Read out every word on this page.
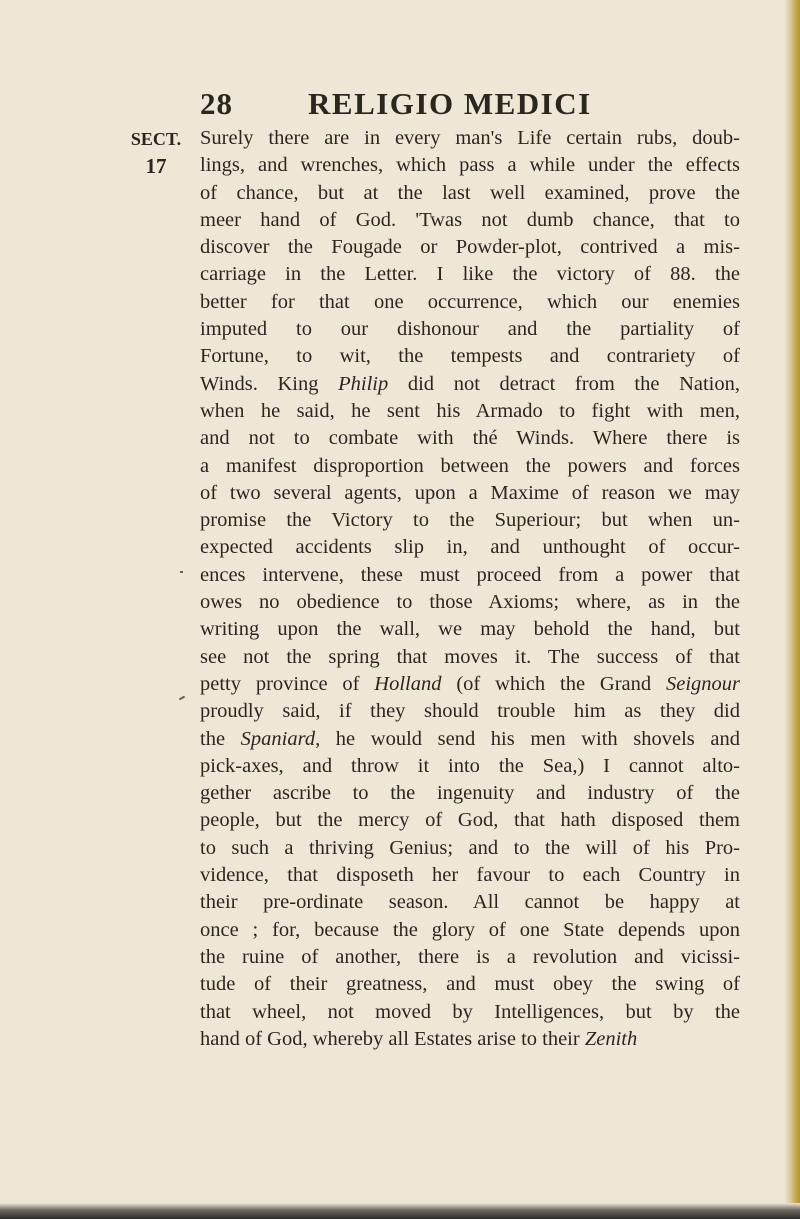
28 RELIGIO MEDICI
SECT.
17
Surely there are in every man's Life certain rubs, doub-
lings, and wrenches, which pass a while under the effects
of chance, but at the last well examined, prove the
meer hand of God. 'Twas not dumb chance, that to
discover the Fougade or Powder-plot, contrived a mis-
carriage in the Letter. I like the victory of 88. the
better for that one occurrence, which our enemies
imputed to our dishonour and the partiality of
Fortune, to wit, the tempests and contrariety of
Winds. King Philip did not detract from the Nation,
when he said, he sent his Armado to fight with men,
and not to combate with thé Winds. Where there is
a manifest disproportion between the powers and forces
of two several agents, upon a Maxime of reason we may
promise the Victory to the Superiour; but when un-
expected accidents slip in, and unthought of occur-
ences intervene, these must proceed from a power that
owes no obedience to those Axioms; where, as in the
writing upon the wall, we may behold the hand, but
see not the spring that moves it. The success of that
petty province of Holland (of which the Grand Seignour
proudly said, if they should trouble him as they did
the Spaniard, he would send his men with shovels and
pick-axes, and throw it into the Sea,) I cannot alto-
gether ascribe to the ingenuity and industry of the
people, but the mercy of God, that hath disposed them
to such a thriving Genius; and to the will of his Pro-
vidence, that disposeth her favour to each Country in
their pre-ordinate season. All cannot be happy at
once ; for, because the glory of one State depends upon
the ruine of another, there is a revolution and vicissi-
tude of their greatness, and must obey the swing of
that wheel, not moved by Intelligences, but by the
hand of God, whereby all Estates arise to their Zenith
